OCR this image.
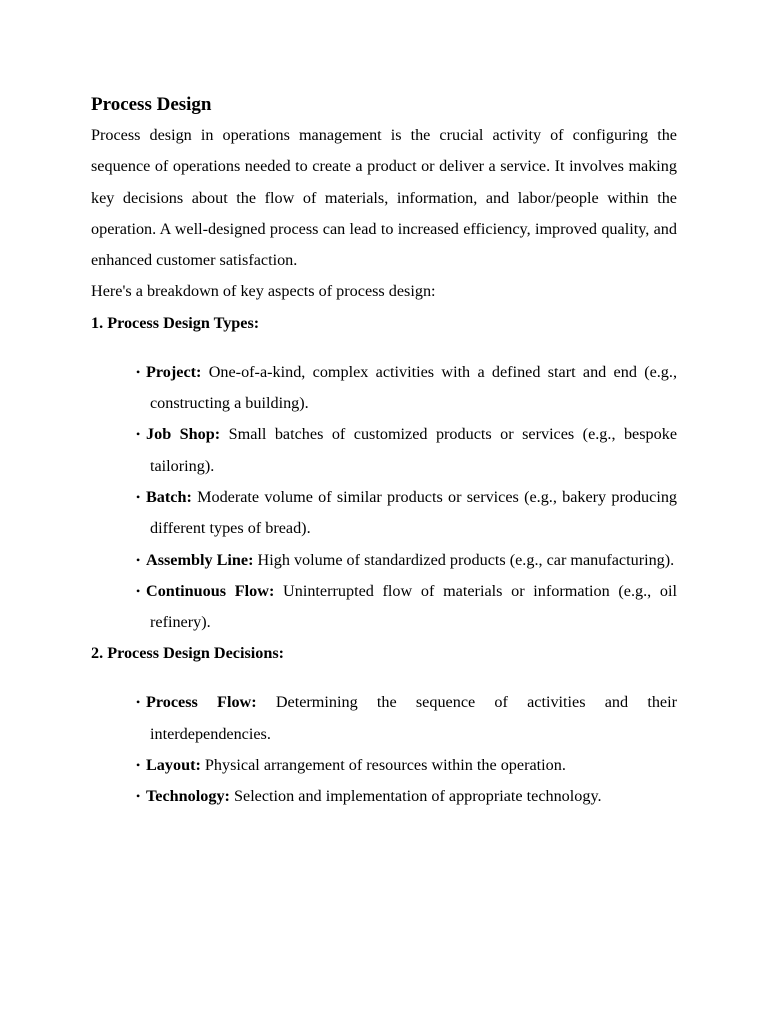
Process Design

Process design in operations management is the crucial activity of configuring the sequence of operations needed to create a product or deliver a service. It involves making key decisions about the flow of materials, information, and labor/people within the operation. A well-designed process can lead to increased efficiency, improved quality, and enhanced customer satisfaction.

Here's a breakdown of key aspects of process design:

1. Process Design Types:
• Project: One-of-a-kind, complex activities with a defined start and end (e.g., constructing a building).
• Job Shop: Small batches of customized products or services (e.g., bespoke tailoring).
• Batch: Moderate volume of similar products or services (e.g., bakery producing different types of bread).
• Assembly Line: High volume of standardized products (e.g., car manufacturing).
• Continuous Flow: Uninterrupted flow of materials or information (e.g., oil refinery).
2. Process Design Decisions:
• Process Flow: Determining the sequence of activities and their interdependencies.
• Layout: Physical arrangement of resources within the operation.
• Technology: Selection and implementation of appropriate technology.
